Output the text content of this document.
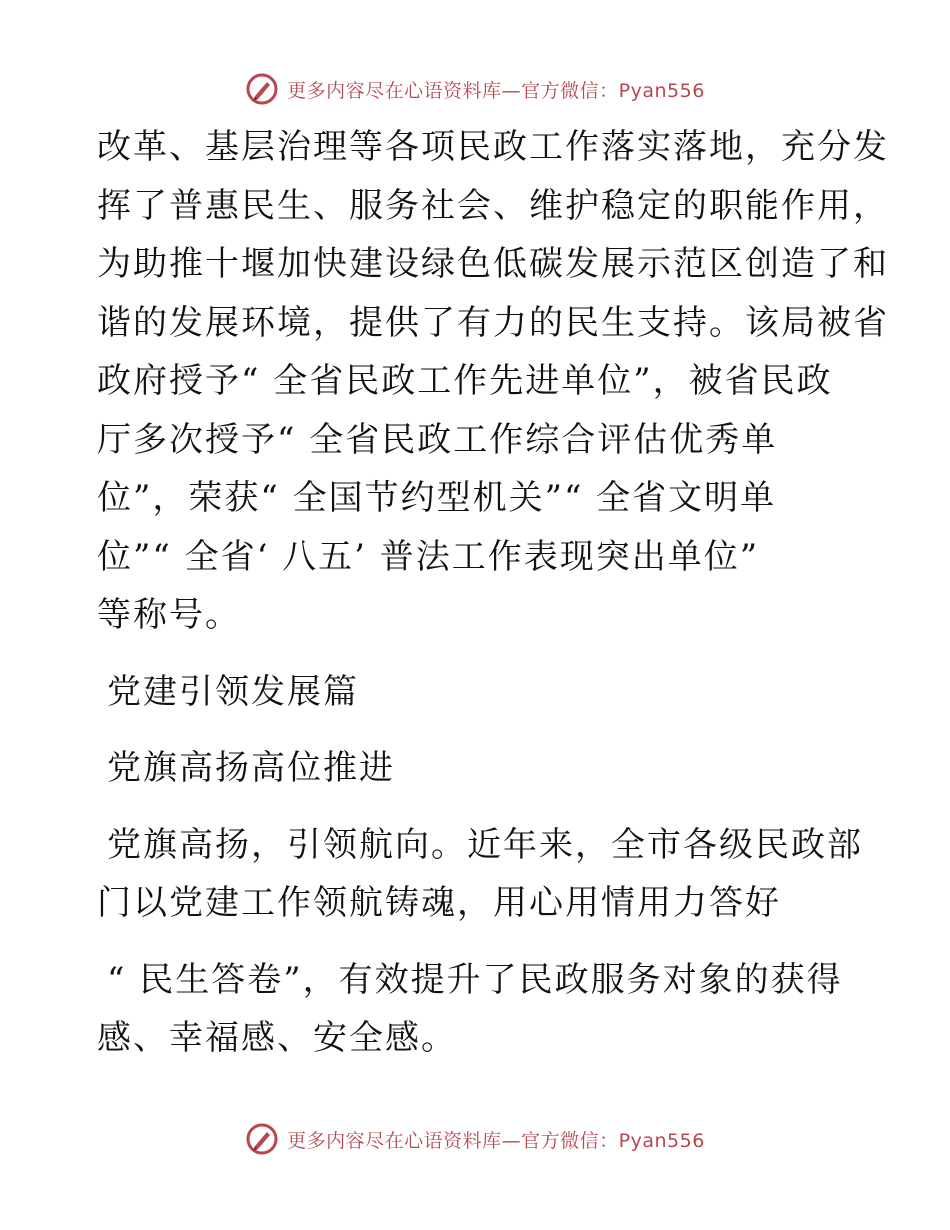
更多内容尽在心语资料库—官方微信：Pyan556
改革、基层治理等各项民政工作落实落地，充分发
挥了普惠民生、服务社会、维护稳定的职能作用，
为助推十堰加快建设绿色低碳发展示范区创造了和
谐的发展环境，提供了有力的民生支持。该局被省
政府授予“ 全省民政工作先进单位”，被省民政
厅多次授予“ 全省民政工作综合评估优秀单
位”，荣获“ 全国节约型机关”“ 全省文明单
位”“ 全省‘ 八五’ 普法工作表现突出单位”
等称号。
党建引领发展篇
党旗高扬高位推进
党旗高扬，引领航向。近年来，全市各级民政部
门以党建工作领航铸魂，用心用情用力答好
“ 民生答卷”，有效提升了民政服务对象的获得
感、幸福感、安全感。
更多内容尽在心语资料库—官方微信：Pyan556
